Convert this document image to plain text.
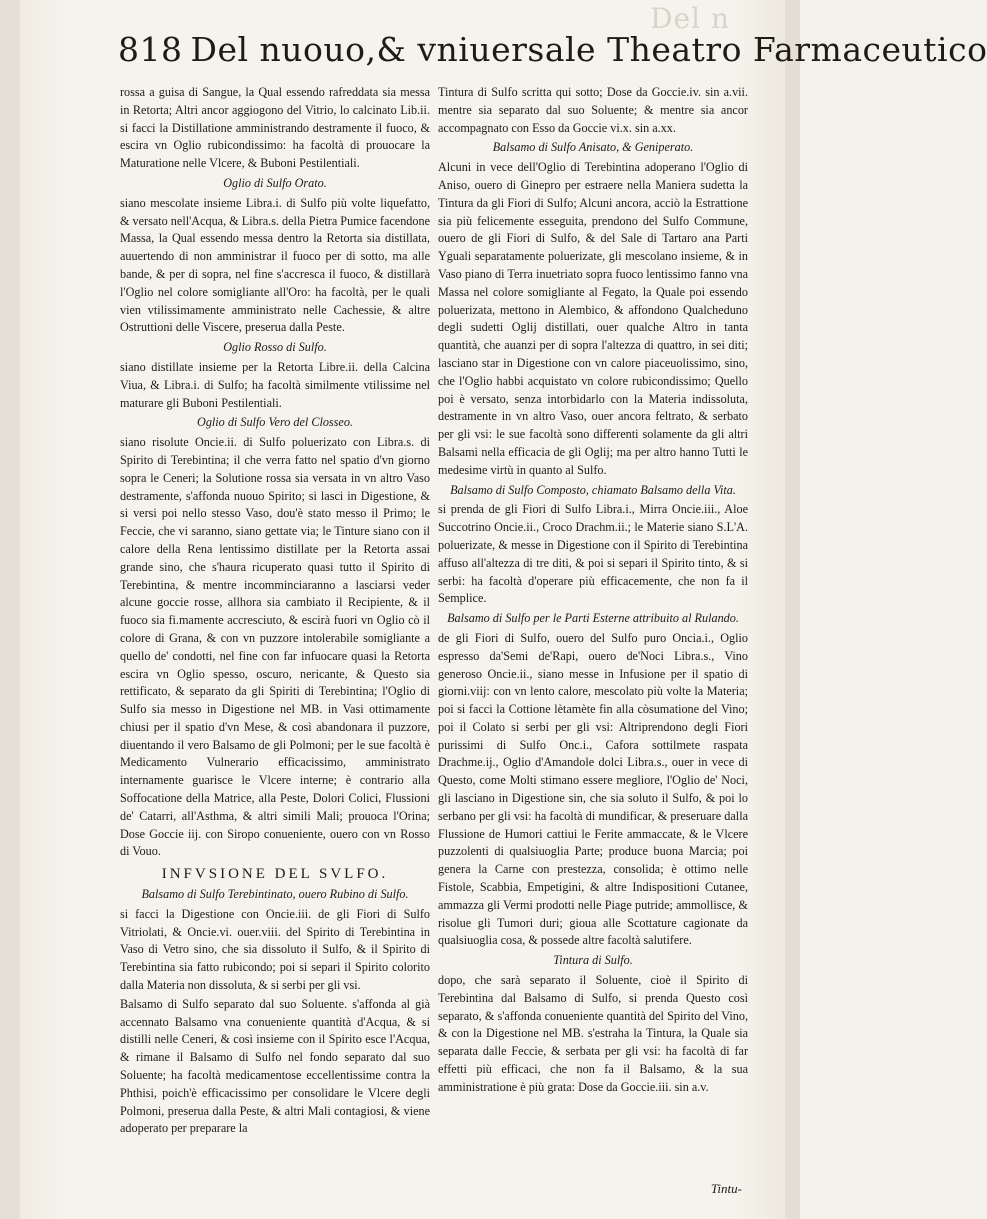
Del n
818 Del nuouo,& vniuersale Theatro Farmaceutico

rossa a guisa di Sangue, la Qual essendo rafreddata sia messa in Retorta; Altri ancor aggiogono del Vitrio, lo calcinato Lib.ii. si facci la Distillatione amministrando destramente il fuoco, & escira vn Oglio rubicondissimo: ha facoltà di prouocare la Maturatione nelle Vlcere, & Buboni Pestilentiali.

Oglio di Sulfo Orato.

siano mescolate insieme Libra.i. di Sulfo più volte liquefatto, & versato nell'Acqua, & Libra.s. della Pietra Pumice facendone Massa, la Qual essendo messa dentro la Retorta sia distillata, auuertendo di non amministrar il fuoco per di sotto, ma alle bande, & per di sopra, nel fine s'accresca il fuoco, & distillarà l'Oglio nel colore somigliante all'Oro: ha facoltà, per le quali vien vtilissimamente amministrato nelle Cachessie, & altre Ostruttioni delle Viscere, preserua dalla Peste.

Oglio Rosso di Sulfo.

siano distillate insieme per la Retorta Libre.ii. della Calcina Viua, & Libra.i. di Sulfo; ha facoltà similmente vtilissime nel maturare gli Buboni Pestilentiali.

Oglio di Sulfo Vero del Closseo.

siano risolute Oncie.ii. di Sulfo poluerizato con Libra.s. di Spirito di Terebintina; il che verra fatto nel spatio d'vn giorno sopra le Ceneri; la Solutione rossa sia versata in vn altro Vaso destramente, s'affonda nuouo Spirito; si lasci in Digestione, & si versi poi nello stesso Vaso, dou'è stato messo il Primo; le Feccie, che vi saranno, siano gettate via; le Tinture siano con il calore della Rena lentissimo distillate per la Retorta assai grande sino, che s'haura ricuperato quasi tutto il Spirito di Terebintina, & mentre incomminciaranno a lasciarsi veder alcune goccie rosse, allhora sia cambiato il Recipiente, & il fuoco sia fi.mamente accresciuto, & escirà fuori vn Oglio cò il colore di Grana, & con vn puzzore intolerabile somigliante a quello de' condotti, nel fine con far infuocare quasi la Retorta escira vn Oglio spesso, oscuro, nericante, & Questo sia rettificato, & separato da gli Spiriti di Terebintina; l'Oglio di Sulfo sia messo in Digestione nel MB. in Vasi ottimamente chiusi per il spatio d'vn Mese, & così abandonara il puzzore, diuentando il vero Balsamo de gli Polmoni; per le sue facoltà è Medicamento Vulnerario efficacissimo, amministrato internamente guarisce le Vlcere interne; è contrario alla Soffocatione della Matrice, alla Peste, Dolori Colici, Flussioni de' Catarri, all'Asthma, & altri simili Mali; prouoca l'Orina; Dose Goccie iij. con Siropo conueniente, ouero con vn Rosso di Vouo.

INFVSIONE DEL SVLFO.
Balsamo di Sulfo Terebintinato, ouero Rubino di Sulfo.

si facci la Digestione con Oncie.iii. de gli Fiori di Sulfo Vitriolati, & Oncie.vi. ouer.viii. del Spirito di Terebintina in Vaso di Vetro sino, che sia dissoluto il Sulfo, & il Spirito di Terebintina sia fatto rubicondo; poi si separi il Spirito colorito dalla Materia non dissoluta, & si serbi per gli vsi.

Balsamo di Sulfo separato dal suo Soluente. s'affonda al già accennato Balsamo vna conueniente quantità d'Acqua, & si distilli nelle Ceneri, & così insieme con il Spirito esce l'Acqua, & rimane il Balsamo di Sulfo nel fondo separato dal suo Soluente; ha facoltà medicamentose eccellentissime contra la Phthisi, poich'è efficacissimo per consolidare le Vlcere degli Polmoni, preserua dalla Peste, & altri Mali contagiosi, & viene adoperato per preparare la

Tintura di Sulfo scritta qui sotto; Dose da Goccie.iv. sin a.vii. mentre sia separato dal suo Soluente; & mentre sia ancor accompagnato con Esso da Goccie vi.x. sin a.xx.

Balsamo di Sulfo Anisato, & Geniperato.

Alcuni in vece dell'Oglio di Terebintina adoperano l'Oglio di Aniso, ouero di Ginepro per estraere nella Maniera sudetta la Tintura da gli Fiori di Sulfo; Alcuni ancora, acciò la Estrattione sia più felicemente esseguita, prendono del Sulfo Commune, ouero de gli Fiori di Sulfo, & del Sale di Tartaro ana Parti Yguali separatamente poluerizate, gli mescolano insieme, & in Vaso piano di Terra inuetriato sopra fuoco lentissimo fanno vna Massa nel colore somigliante al Fegato, la Quale poi essendo poluerizata, mettono in Alembico, & affondono Qualcheduno degli sudetti Oglij distillati, ouer qualche Altro in tanta quantità, che auanzi per di sopra l'altezza di quattro, in sei diti; lasciano star in Digestione con vn calore piaceuolissimo, sino, che l'Oglio habbi acquistato vn colore rubicondissimo; Quello poi è versato, senza intorbidarlo con la Materia indissoluta, destramente in vn altro Vaso, ouer ancora feltrato, & serbato per gli vsi: le sue facoltà sono differenti solamente da gli altri Balsami nella efficacia de gli Oglij; ma per altro hanno Tutti le medesime virtù in quanto al Sulfo.

Balsamo di Sulfo Composto, chiamato Balsamo della Vita.

si prenda de gli Fiori di Sulfo Libra.i., Mirra Oncie.iii., Aloe Succotrino Oncie.ii., Croco Drachm.ii.; le Materie siano S.L'A. poluerizate, & messe in Digestione con il Spirito di Terebintina affuso all'altezza di tre diti, & poi si separi il Spirito tinto, & si serbi: ha facoltà d'operare più efficacemente, che non fa il Semplice.

Balsamo di Sulfo per le Parti Esterne attribuito al Rulando.

de gli Fiori di Sulfo, ouero del Sulfo puro Oncia.i., Oglio espresso da'Semi de'Rapi, ouero de'Noci Libra.s., Vino generoso Oncie.ii., siano messe in Infusione per il spatio di giorni.viij: con vn lento calore, mescolato più volte la Materia; poi si facci la Cottione lètamète fin alla còsumatione del Vino; poi il Colato si serbi per gli vsi: Altriprendono degli Fiori purissimi di Sulfo Onc.i., Cafora sottilmete raspata Drachme.ij., Oglio d'Amandole dolci Libra.s., ouer in vece di Questo, come Molti stimano essere megliore, l'Oglio de' Noci, gli lasciano in Digestione sin, che sia soluto il Sulfo, & poi lo serbano per gli vsi: ha facoltà di mundificar, & preseruare dalla Flussione de Humori cattiui le Ferite ammaccate, & le Vlcere puzzolenti di qualsiuoglia Parte; produce buona Marcia; poi genera la Carne con prestezza, consolida; è ottimo nelle Fistole, Scabbia, Empetigini, & altre Indispositioni Cutanee, ammazza gli Vermi prodotti nelle Piage putride; ammollisce, & risolue gli Tumori duri; gioua alle Scottature cagionate da qualsiuoglia cosa, & possede altre facoltà salutifere.

Tintura di Sulfo.

dopo, che sarà separato il Soluente, cioè il Spirito di Terebintina dal Balsamo di Sulfo, si prenda Questo così separato, & s'affonda conueniente quantità del Spirito del Vino, & con la Digestione nel MB. s'estraha la Tintura, la Quale sia separata dalle Feccie, & serbata per gli vsi: ha facoltà di far effetti più efficaci, che non fa il Balsamo, & la sua amministratione è più grata: Dose da Goccie.iii. sin a.v.

Tintu-
